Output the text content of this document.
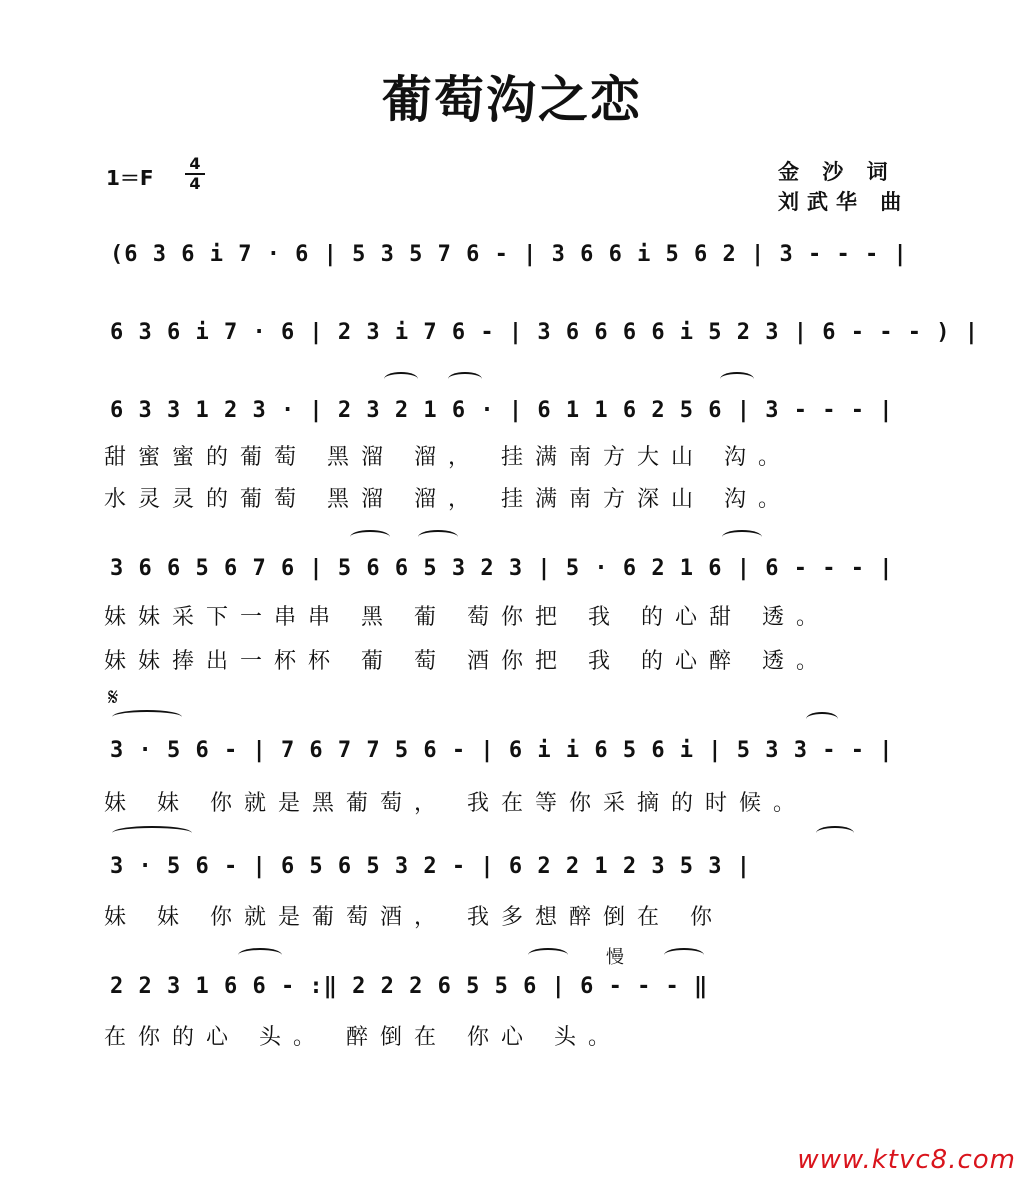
葡萄沟之恋
1＝F
4
4	金 沙 词
刘武华 曲
(6 3 6 i 7 · 6 | 5 3 5 7 6 - | 3 6 6 i 5 6 2 | 3 - - - |
6 3 6 i 7 · 6 | 2 3 i 7 6 - | 3 6 6 6 6 i 5 2 3 | 6 - - - ) |
6 3 3 1 2 3 · | 2 3 2 1 6 · | 6 1 1 6 2 5 6 | 3 - - - |
甜蜜蜜的葡萄 黑溜 溜， 挂满南方大山 沟。
水灵灵的葡萄 黑溜 溜， 挂满南方深山 沟。
3 6 6 5 6 7 6 | 5 6 6 5 3 2 3 | 5 · 6 2 1 6 | 6 - - - |
妹妹采下一串串 黑 葡 萄你把 我 的心甜 透。
妹妹捧出一杯杯 葡 萄 酒你把 我 的心醉 透。
𝄋
3 · 5 6 - | 7 6 7 7 5 6 - | 6 i i 6 5 6 i | 5 3 3 - - |
妹 妹 你就是黑葡萄， 我在等你采摘的时候。
3 · 5 6 - | 6 5 6 5 3 2 - | 6 2 2 1 2 3 5 3 |
妹 妹 你就是葡萄酒， 我多想醉倒在 你
慢
2 2 3 1 6 6 - :‖ 2 2 2 6 5 5 6 | 6 - - - ‖
在你的心 头。 醉倒在 你心 头。
www.ktvc8.com
